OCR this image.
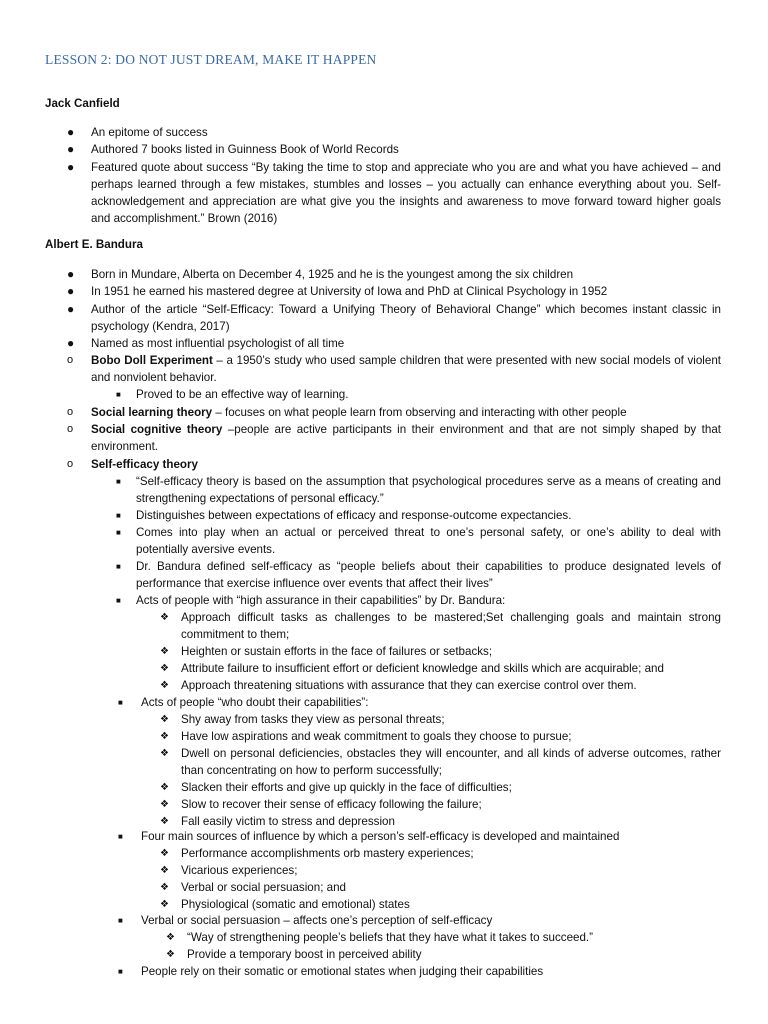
LESSON 2: DO NOT JUST DREAM, MAKE IT HAPPEN
Jack Canfield
● An epitome of success
● Authored 7 books listed in Guinness Book of World Records
● Featured quote about success “By taking the time to stop and appreciate who you are and what you have achieved – and perhaps learned through a few mistakes, stumbles and losses – you actually can enhance everything about you. Self-acknowledgement and appreciation are what give you the insights and awareness to move forward toward higher goals and accomplishment.” Brown (2016)
Albert E. Bandura
● Born in Mundare, Alberta on December 4, 1925 and he is the youngest among the six children
● In 1951 he earned his mastered degree at University of Iowa and PhD at Clinical Psychology in 1952
● Author of the article “Self-Efficacy: Toward a Unifying Theory of Behavioral Change” which becomes instant classic in psychology (Kendra, 2017)
● Named as most influential psychologist of all time
o Bobo Doll Experiment – a 1950’s study who used sample children that were presented with new social models of violent and nonviolent behavior.
■ Proved to be an effective way of learning.
o Social learning theory – focuses on what people learn from observing and interacting with other people
o Social cognitive theory –people are active participants in their environment and that are not simply shaped by that environment.
o Self-efficacy theory
■ “Self-efficacy theory is based on the assumption that psychological procedures serve as a means of creating and strengthening expectations of personal efficacy.”
■ Distinguishes between expectations of efficacy and response-outcome expectancies.
■ Comes into play when an actual or perceived threat to one’s personal safety, or one’s ability to deal with potentially aversive events.
■ Dr. Bandura defined self-efficacy as “people beliefs about their capabilities to produce designated levels of performance that exercise influence over events that affect their lives”
■ Acts of people with “high assurance in their capabilities” by Dr. Bandura:
❖ Approach difficult tasks as challenges to be mastered;Set challenging goals and maintain strong commitment to them;
❖ Heighten or sustain efforts in the face of failures or setbacks;
❖ Attribute failure to insufficient effort or deficient knowledge and skills which are acquirable; and
❖ Approach threatening situations with assurance that they can exercise control over them.
■ Acts of people “who doubt their capabilities”:
❖ Shy away from tasks they view as personal threats;
❖ Have low aspirations and weak commitment to goals they choose to pursue;
❖ Dwell on personal deficiencies, obstacles they will encounter, and all kinds of adverse outcomes, rather than concentrating on how to perform successfully;
❖ Slacken their efforts and give up quickly in the face of difficulties;
❖ Slow to recover their sense of efficacy following the failure;
❖ Fall easily victim to stress and depression
■ Four main sources of influence by which a person’s self-efficacy is developed and maintained
❖ Performance accomplishments orb mastery experiences;
❖ Vicarious experiences;
❖ Verbal or social persuasion; and
❖ Physiological (somatic and emotional) states
■ Verbal or social persuasion – affects one’s perception of self-efficacy
❖ “Way of strengthening people’s beliefs that they have what it takes to succeed.”
❖ Provide a temporary boost in perceived ability
■ People rely on their somatic or emotional states when judging their capabilities
